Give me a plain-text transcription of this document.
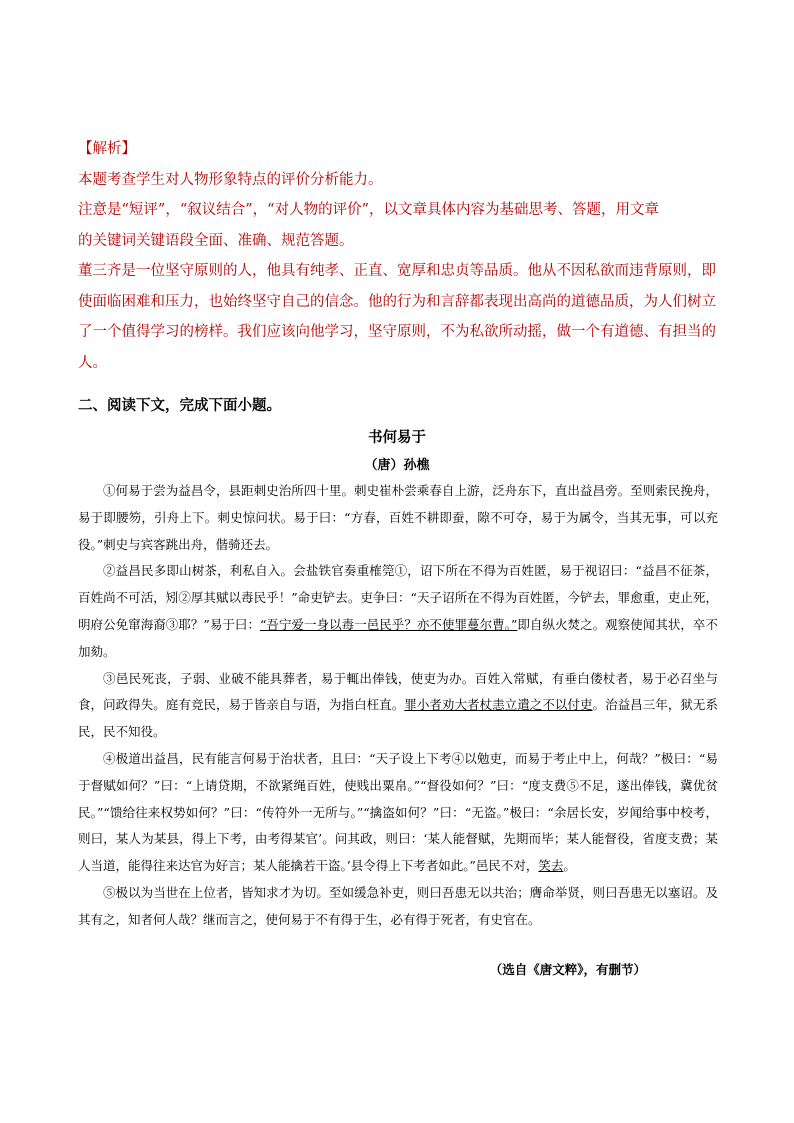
【解析】

本题考查学生对人物形象特点的评价分析能力。

注意是“短评”，“叙议结合”，“对人物的评价”，以文章具体内容为基础思考、答题，用文章

的关键词关键语段全面、准确、规范答题。

董三齐是一位坚守原则的人，他具有纯孝、正直、宽厚和忠贞等品质。他从不因私欲而违背原则，即使面临困难和压力，也始终坚守自己的信念。他的行为和言辞都表现出高尚的道德品质，为人们树立了一个值得学习的榜样。我们应该向他学习，坚守原则，不为私欲所动摇，做一个有道德、有担当的人。

二、阅读下文，完成下面小题。
书何易于
（唐）孙樵

①何易于尝为益昌令，县距刺史治所四十里。刺史崔朴尝乘春自上游，泛舟东下，直出益昌旁。至则索民挽舟，易于即腰笏，引舟上下。刺史惊问状。易于曰：“方春，百姓不耕即蚕，隙不可夺，易于为属令，当其无事，可以充役。”刺史与宾客跳出舟，偕骑还去。

②益昌民多即山树茶，利私自入。会盐铁官奏重榷筦①，诏下所在不得为百姓匿，易于视诏曰：“益昌不征茶，百姓尚不可活，矧②厚其赋以毒民乎！”命吏铲去。吏争曰：“天子诏所在不得为百姓匿，今铲去，罪愈重，吏止死，明府公免窜海裔③耶？”易于曰：“吾宁爱一身以毒一邑民乎？亦不使罪蔓尔曹。”即自纵火焚之。观察使闻其状，卒不加劾。

③邑民死丧，子弱、业破不能具葬者，易于輒出俸钱，使吏为办。百姓入常赋，有垂白偻杖者，易于必召坐与食，问政得失。庭有竞民，易于皆亲自与语，为指白枉直。罪小者劝大者杖恚立遣之不以付吏。治益昌三年，狱无系民，民不知役。

④极道出益昌，民有能言何易于治状者，且曰：“天子设上下考④以勉吏，而易于考止中上，何哉？”极曰：“易于督赋如何？”曰：“上请贷期，不欲紧绳百姓，使贱出粟帛。”“督役如何？”曰：“度支费⑤不足，遂出俸钱，冀优贫民。”“馈给往来权势如何？”曰：“传符外一无所与。”“擒盗如何？”曰：“无盗。”极曰：“余居长安，岁闻给事中校考，则曰，某人为某县，得上下考，由考得某官’。问其政，则曰：‘某人能督赋，先期而毕；某人能督役，省度支费；某人当道，能得往来达官为好言；某人能擒若干盗。’县令得上下考者如此。”邑民不对，笑去。

⑤极以为当世在上位者，皆知求才为切。至如缓急补吏，则曰吾患无以共治；膺命举贤，则曰吾患无以塞诏。及其有之，知者何人哉？继而言之，使何易于不有得于生，必有得于死者，有史官在。

（选自《唐文粹》，有删节）
